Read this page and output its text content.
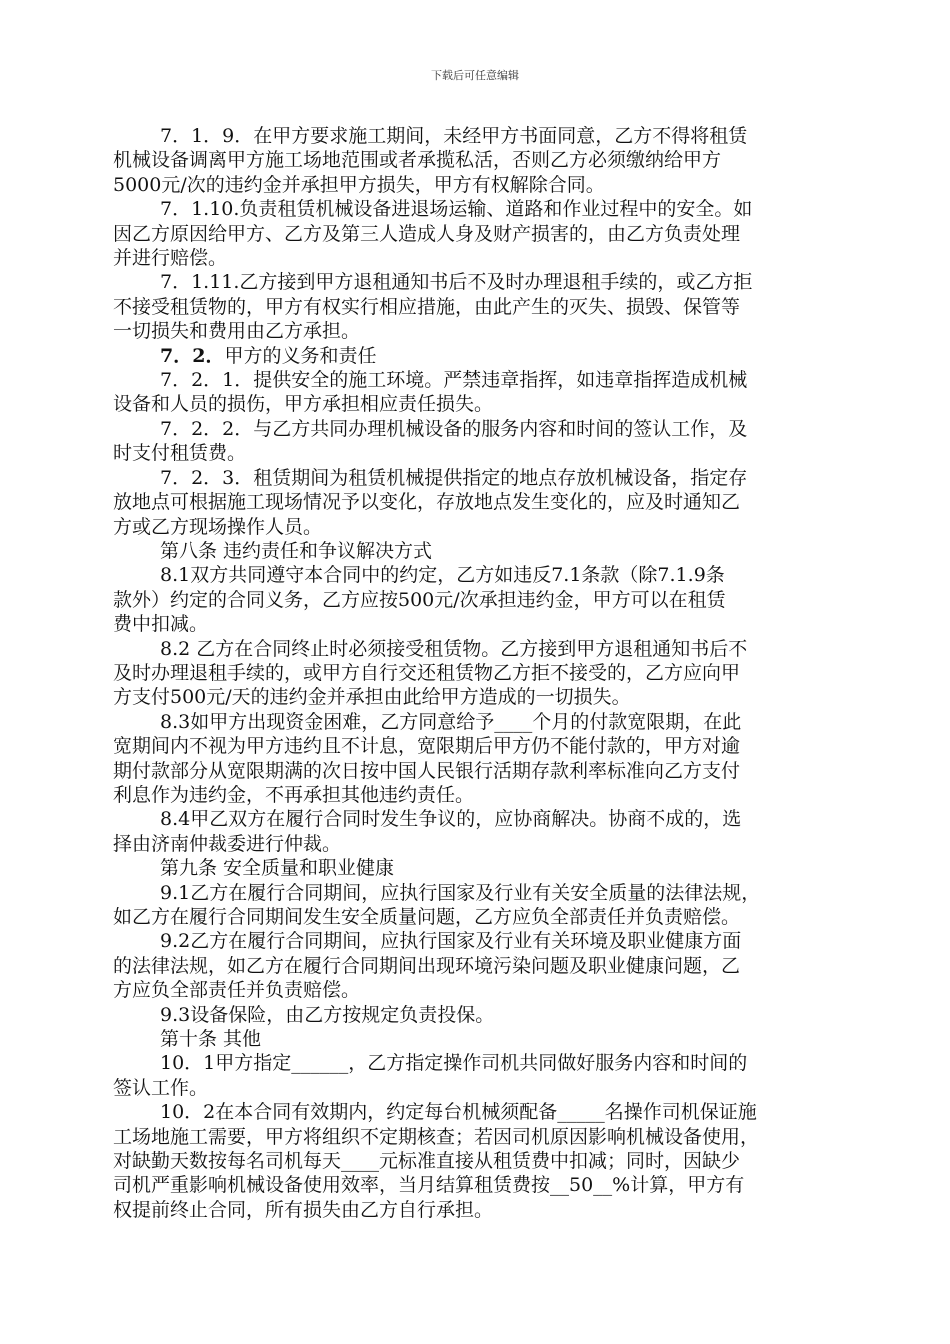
下载后可任意编辑
7．1．9．在甲方要求施工期间，未经甲方书面同意，乙方不得将租赁
机械设备调离甲方施工场地范围或者承揽私活，否则乙方必须缴纳给甲方
5000元/次的违约金并承担甲方损失，甲方有权解除合同。
7．1.10.负责租赁机械设备进退场运输、道路和作业过程中的安全。如
因乙方原因给甲方、乙方及第三人造成人身及财产损害的，由乙方负责处理
并进行赔偿。
7．1.11.乙方接到甲方退租通知书后不及时办理退租手续的，或乙方拒
不接受租赁物的，甲方有权实行相应措施，由此产生的灭失、损毁、保管等
一切损失和费用由乙方承担。
7．2．甲方的义务和责任
7．2．1．提供安全的施工环境。严禁违章指挥，如违章指挥造成机械
设备和人员的损伤，甲方承担相应责任损失。
7．2．2．与乙方共同办理机械设备的服务内容和时间的签认工作，及
时支付租赁费。
7．2．3．租赁期间为租赁机械提供指定的地点存放机械设备，指定存
放地点可根据施工现场情况予以变化，存放地点发生变化的，应及时通知乙
方或乙方现场操作人员。
第八条 违约责任和争议解决方式
8.1双方共同遵守本合同中的约定，乙方如违反7.1条款（除7.1.9条
款外）约定的合同义务，乙方应按500元/次承担违约金，甲方可以在租赁
费中扣减。
8.2 乙方在合同终止时必须接受租赁物。乙方接到甲方退租通知书后不
及时办理退租手续的，或甲方自行交还租赁物乙方拒不接受的，乙方应向甲
方支付500元/天的违约金并承担由此给甲方造成的一切损失。
8.3如甲方出现资金困难，乙方同意给予____个月的付款宽限期，在此
宽期间内不视为甲方违约且不计息，宽限期后甲方仍不能付款的，甲方对逾
期付款部分从宽限期满的次日按中国人民银行活期存款利率标准向乙方支付
利息作为违约金，不再承担其他违约责任。
8.4甲乙双方在履行合同时发生争议的，应协商解决。协商不成的，选
择由济南仲裁委进行仲裁。
第九条 安全质量和职业健康
9.1乙方在履行合同期间，应执行国家及行业有关安全质量的法律法规，
如乙方在履行合同期间发生安全质量问题，乙方应负全部责任并负责赔偿。
9.2乙方在履行合同期间，应执行国家及行业有关环境及职业健康方面
的法律法规，如乙方在履行合同期间出现环境污染问题及职业健康问题，乙
方应负全部责任并负责赔偿。
9.3设备保险，由乙方按规定负责投保。
第十条 其他
10．1甲方指定______，乙方指定操作司机共同做好服务内容和时间的
签认工作。
10．2在本合同有效期内，约定每台机械须配备_____名操作司机保证施
工场地施工需要，甲方将组织不定期核查；若因司机原因影响机械设备使用，
对缺勤天数按每名司机每天____元标准直接从租赁费中扣减；同时，因缺少
司机严重影响机械设备使用效率，当月结算租赁费按__50__%计算，甲方有
权提前终止合同，所有损失由乙方自行承担。
